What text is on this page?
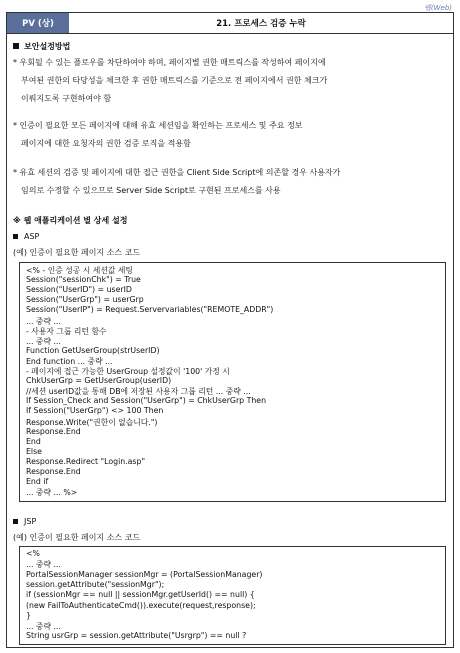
웹(Web)
PV (상)	21. 프로세스 검증 누락
보안설정방법
* 우회될 수 있는 플로우를 차단하여야 하며, 페이지별 권한 매트릭스를 작성하여 페이지에
부여된 권한의 타당성을 체크한 후 권한 매트릭스를 기준으로 전 페이지에서 권한 체크가
이뤄지도록 구현하여야 함
* 인증이 필요한 모든 페이지에 대해 유효 세션임을 확인하는 프로세스 및 주요 정보
페이지에 대한 요청자의 권한 검증 로직을 적용함
* 유효 세션의 검증 및 페이지에 대한 접근 권한을 Client Side Script에 의존할 경우 사용자가
임의로 수정할 수 있으므로 Server Side Script로 구현된 프로세스를 사용
※ 웹 애플리케이션 별 상세 설정
ASP
(예) 인증이 필요한 페이지 소스 코드
<% - 인증 성공 시 세션값 세팅
Session("sessionChk") = True
Session("UserID") = userID
Session("UserGrp") = userGrp
Session("UserIP") = Request.Servervariables("REMOTE_ADDR")
... 중략 ...
- 사용자 그룹 리턴 함수
... 중략 ...
Function GetUserGroup(strUserID)
End function ... 중략 ...
- 페이지에 접근 가능한 UserGroup 설정값이 '100' 가정 시
ChkUserGrp = GetUserGroup(userID)
//세션 userID값을 통해 DB에 저장된 사용자 그룹 리턴 ... 중략 ...
If Session_Check and Session("UserGrp") = ChkUserGrp Then
If Session("UserGrp") <> 100 Then
Response.Write("권한이 없습니다.")
Response.End
End
Else
Response.Redirect "Login.asp"
Response.End
End if
... 중략 ... %>
JSP
(예) 인증이 필요한 페이지 소스 코드
<%
... 중략 ...
PortalSessionManager sessionMgr = (PortalSessionManager)
session.getAttribute("sessionMgr");
if (sessionMgr == null || sessionMgr.getUserId() == null) {
(new FailToAuthenticateCmd()).execute(request,response);
}
... 중략 ...
String usrGrp = session.getAttribute("Usrgrp") == null ?
